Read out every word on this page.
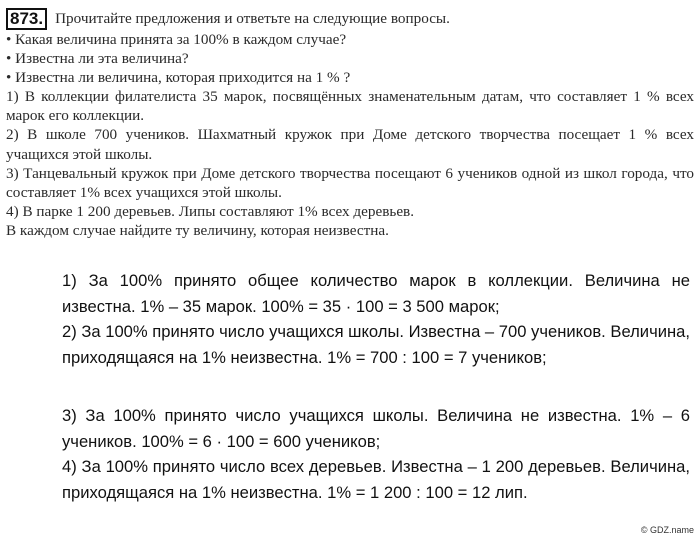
873. Прочитайте предложения и ответьте на следующие вопросы.

• Какая величина принята за 100% в каждом случае?

• Известна ли эта величина?

• Известна ли величина, которая приходится на 1 % ?

1) В коллекции филателиста 35 марок, посвящённых знаменательным датам, что составляет 1 % всех марок его коллекции.

2) В школе 700 учеников. Шахматный кружок при Доме детского творчества посещает 1 % всех учащихся этой школы.

3) Танцевальный кружок при Доме детского творчества посещают 6 учеников одной из школ города, что составляет 1% всех учащихся этой школы.

4) В парке 1 200 деревьев. Липы составляют 1% всех деревьев.

В каждом случае найдите ту величину, которая неизвестна.

1) За 100% принято общее количество марок в коллекции. Величина не известна. 1% – 35 марок. 100% = 35 · 100 = 3 500 марок;

2) За 100% принято число учащихся школы. Известна – 700 учеников. Величина, приходящаяся на 1% неизвестна. 1% = 700 : 100 = 7 учеников;

3) За 100% принято число учащихся школы. Величина не известна. 1% – 6 учеников. 100% = 6 · 100 = 600 учеников;

4) За 100% принято число всех деревьев. Известна – 1 200 деревьев. Величина, приходящаяся на 1% неизвестна. 1% = 1 200 : 100 = 12 лип.

© GDZ.name
